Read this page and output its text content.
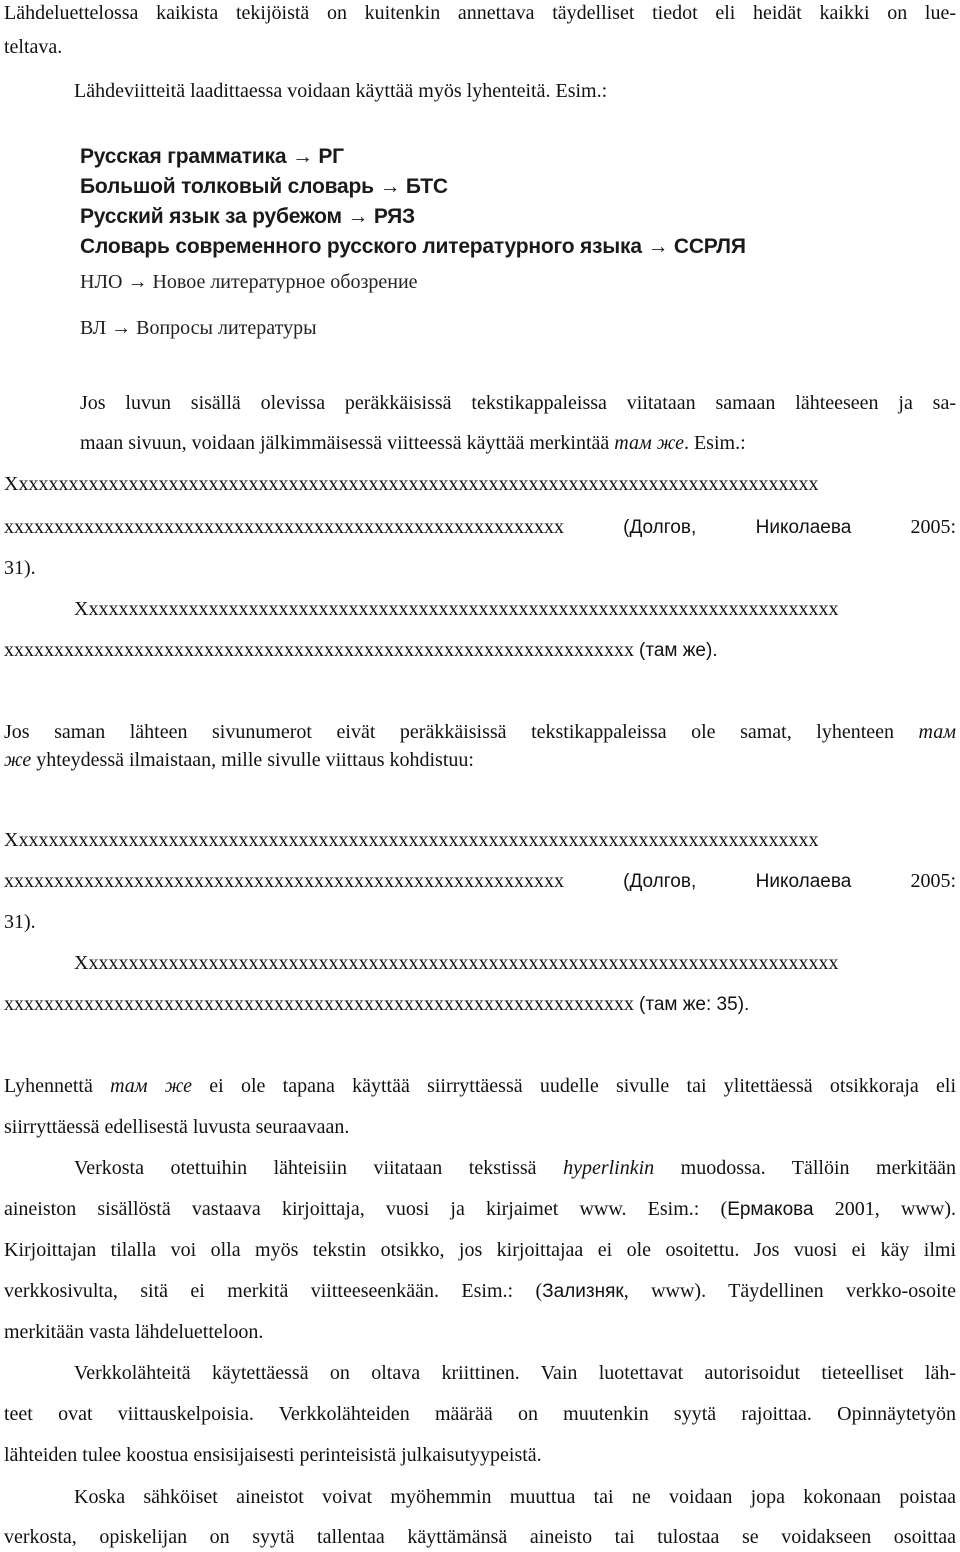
Lähdeluettelossa kaikista tekijöistä on kuitenkin annettava täydelliset tiedot eli heidät kaikki on lue-
teltava.
Lähdeviitteitä laadittaessa voidaan käyttää myös lyhenteitä. Esim.:
Русская грамматика → РГ
Большой толковый словарь → БТС
Русский язык за рубежом → РЯЗ
Словарь современного русского литературного языка → ССРЛЯ
НЛО → Новое литературное обозрение
ВЛ → Вопросы литературы
Jos luvun sisällä olevissa peräkkäisissä tekstikappaleissa viitataan samaan lähteeseen ja sa-
maan sivuun, voidaan jälkimmäisessä viitteessä käyttää merkintää там же. Esim.:
Xxxxxxxxxxxxxxxxxxxxxxxxxxxxxxxxxxxxxxxxxxxxxxxxxxxxxxxxxxxxxxxxxxxxxxxxxxxxxxxxx
xxxxxxxxxxxxxxxxxxxxxxxxxxxxxxxxxxxxxxxxxxxxxxxxxxxxxxxx (Долгов, Николаева 2005:
31).
Xxxxxxxxxxxxxxxxxxxxxxxxxxxxxxxxxxxxxxxxxxxxxxxxxxxxxxxxxxxxxxxxxxxxxxxxxxxx
xxxxxxxxxxxxxxxxxxxxxxxxxxxxxxxxxxxxxxxxxxxxxxxxxxxxxxxxxxxxxxx (там же).
Jos saman lähteen sivunumerot eivät peräkkäisissä tekstikappaleissa ole samat, lyhenteen там
же yhteydessä ilmaistaan, mille sivulle viittaus kohdistuu:
Xxxxxxxxxxxxxxxxxxxxxxxxxxxxxxxxxxxxxxxxxxxxxxxxxxxxxxxxxxxxxxxxxxxxxxxxxxxxxxxxx
xxxxxxxxxxxxxxxxxxxxxxxxxxxxxxxxxxxxxxxxxxxxxxxxxxxxxxxx (Долгов, Николаева 2005:
31).
Xxxxxxxxxxxxxxxxxxxxxxxxxxxxxxxxxxxxxxxxxxxxxxxxxxxxxxxxxxxxxxxxxxxxxxxxxxxx
xxxxxxxxxxxxxxxxxxxxxxxxxxxxxxxxxxxxxxxxxxxxxxxxxxxxxxxxxxxxxxx (там же: 35).
Lyhennettä там же ei ole tapana käyttää siirryttäessä uudelle sivulle tai ylitettäessä otsikkoraja eli
siirryttäessä edellisestä luvusta seuraavaan.
Verkosta otettuihin lähteisiin viitataan tekstissä hyperlinkin muodossa. Tällöin merkitään
aineiston sisällöstä vastaava kirjoittaja, vuosi ja kirjaimet www. Esim.: (Ермакова 2001, www).
Kirjoittajan tilalla voi olla myös tekstin otsikko, jos kirjoittajaa ei ole osoitettu. Jos vuosi ei käy ilmi
verkkosivulta, sitä ei merkitä viitteeseenkään. Esim.: (Зализняк, www). Täydellinen verkko-osoite
merkitään vasta lähdeluetteloon.
Verkkolähteitä käytettäessä on oltava kriittinen. Vain luotettavat autorisoidut tieteelliset läh-
teet ovat viittauskelpoisia. Verkkolähteiden määrää on muutenkin syytä rajoittaa. Opinnäytetyön
lähteiden tulee koostua ensisijaisesti perinteisistä julkaisutyypeistä.
Koska sähköiset aineistot voivat myöhemmin muuttua tai ne voidaan jopa kokonaan poistaa
verkosta, opiskelijan on syytä tallentaa käyttämänsä aineisto tai tulostaa se voidakseen osoittaa
